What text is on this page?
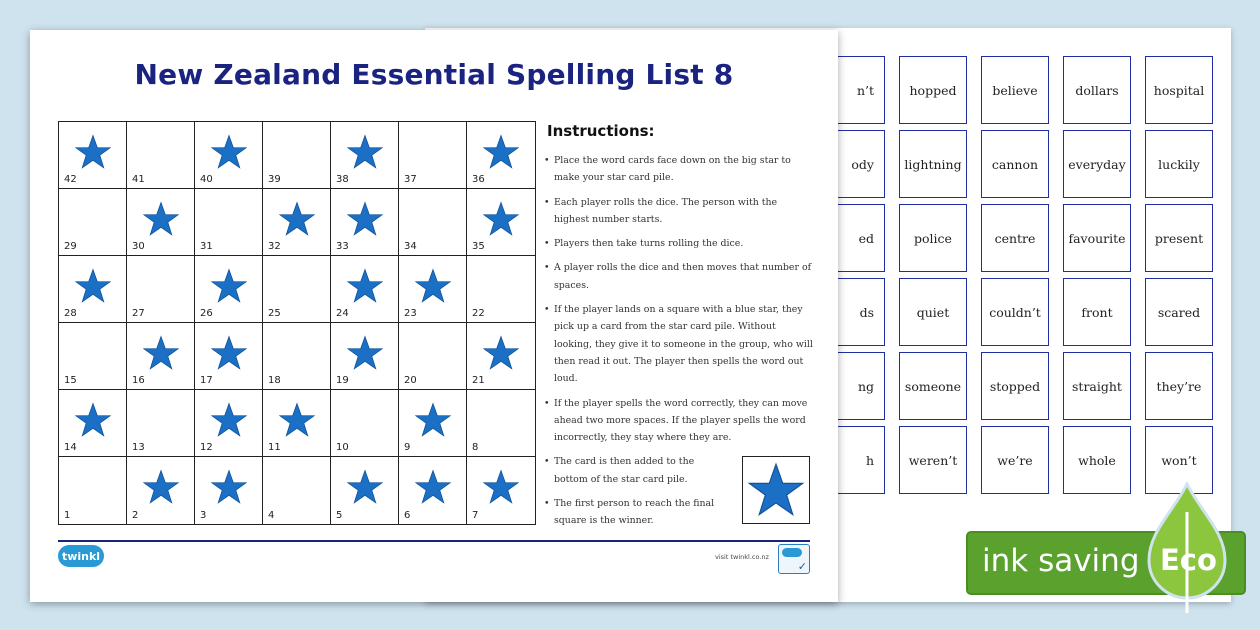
n’t	hopped	believe	dollars	hospital
ody	lightning	cannon	everyday	luckily
ed	police	centre	favourite	present
ds	quiet	couldn’t	front	scared
ng	someone	stopped	straight	they’re
h	weren’t	we’re	whole	won’t
New Zealand Essential Spelling List 8
42	41	40	39	38	37	36
29	30	31	32	33	34	35
28	27	26	25	24	23	22
15	16	17	18	19	20	21
14	13	12	11	10	9	8
1	2	3	4	5	6	7
Instructions:
• Place the word cards face down on the big star to make your star card pile.
• Each player rolls the dice. The person with the highest number starts.
• Players then take turns rolling the dice.
• A player rolls the dice and then moves that number of spaces.
• If the player lands on a square with a blue star, they pick up a card from the star card pile. Without looking, they give it to someone in the group, who will then read it out. The player then spells the word out loud.
• If the player spells the word correctly, they can move ahead two more spaces. If the player spells the word incorrectly, they stay where they are.
• The card is then added to the bottom of the star card pile.
• The first person to reach the final square is the winner.
twinkl	visit twinkl.co.nz
✓	ink saving Eco
